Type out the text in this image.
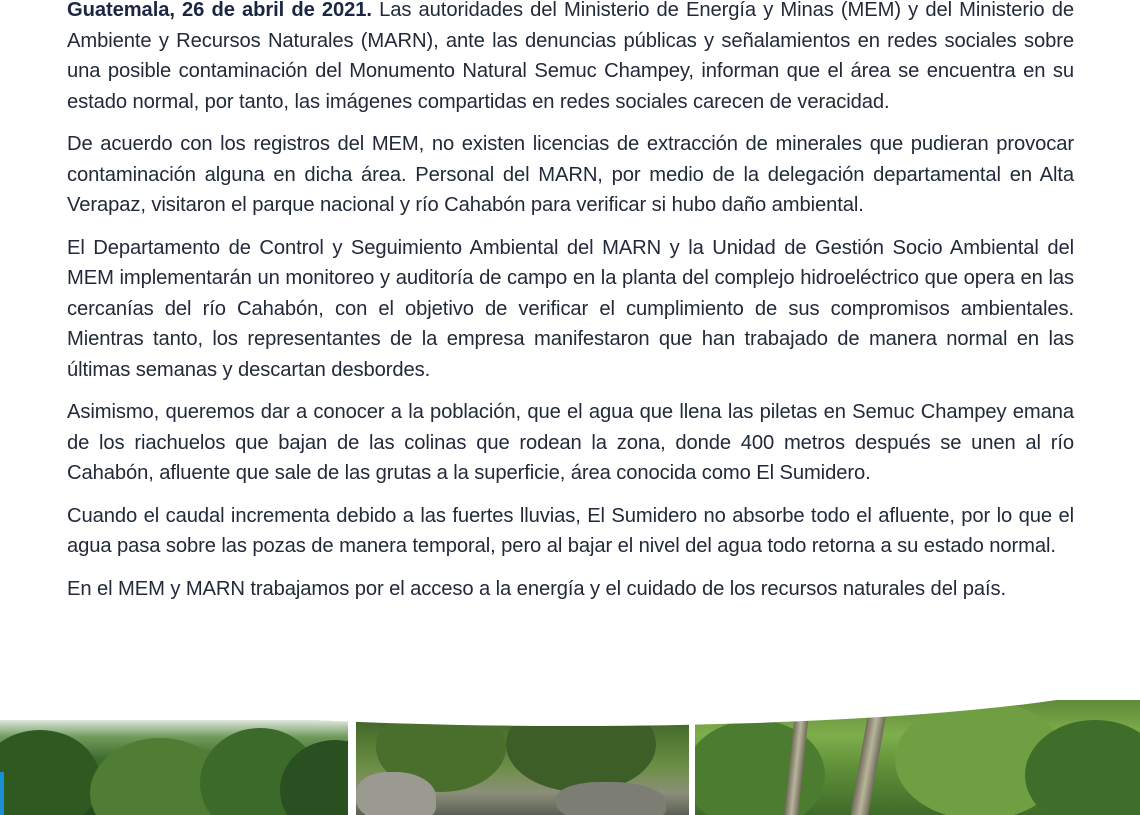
Guatemala, 26 de abril de 2021. Las autoridades del Ministerio de Energía y Minas (MEM) y del Ministerio de Ambiente y Recursos Naturales (MARN), ante las denuncias públicas y señalamientos en redes sociales sobre una posible contaminación del Monumento Natural Semuc Champey, informan que el área se encuentra en su estado normal, por tanto, las imágenes compartidas en redes sociales carecen de veracidad.

De acuerdo con los registros del MEM, no existen licencias de extracción de minerales que pudieran provocar contaminación alguna en dicha área. Personal del MARN, por medio de la delegación departamental en Alta Verapaz, visitaron el parque nacional y río Cahabón para verificar si hubo daño ambiental.

El Departamento de Control y Seguimiento Ambiental del MARN y la Unidad de Gestión Socio Ambiental del MEM implementarán un monitoreo y auditoría de campo en la planta del complejo hidroeléctrico que opera en las cercanías del río Cahabón, con el objetivo de verificar el cumplimiento de sus compromisos ambientales. Mientras tanto, los representantes de la empresa manifestaron que han trabajado de manera normal en las últimas semanas y descartan desbordes.

Asimismo, queremos dar a conocer a la población, que el agua que llena las piletas en Semuc Champey emana de los riachuelos que bajan de las colinas que rodean la zona, donde 400 metros después se unen al río Cahabón, afluente que sale de las grutas a la superficie, área conocida como El Sumidero.

Cuando el caudal incrementa debido a las fuertes lluvias, El Sumidero no absorbe todo el afluente, por lo que el agua pasa sobre las pozas de manera temporal, pero al bajar el nivel del agua todo retorna a su estado normal.

En el MEM y MARN trabajamos por el acceso a la energía y el cuidado de los recursos naturales del país.
